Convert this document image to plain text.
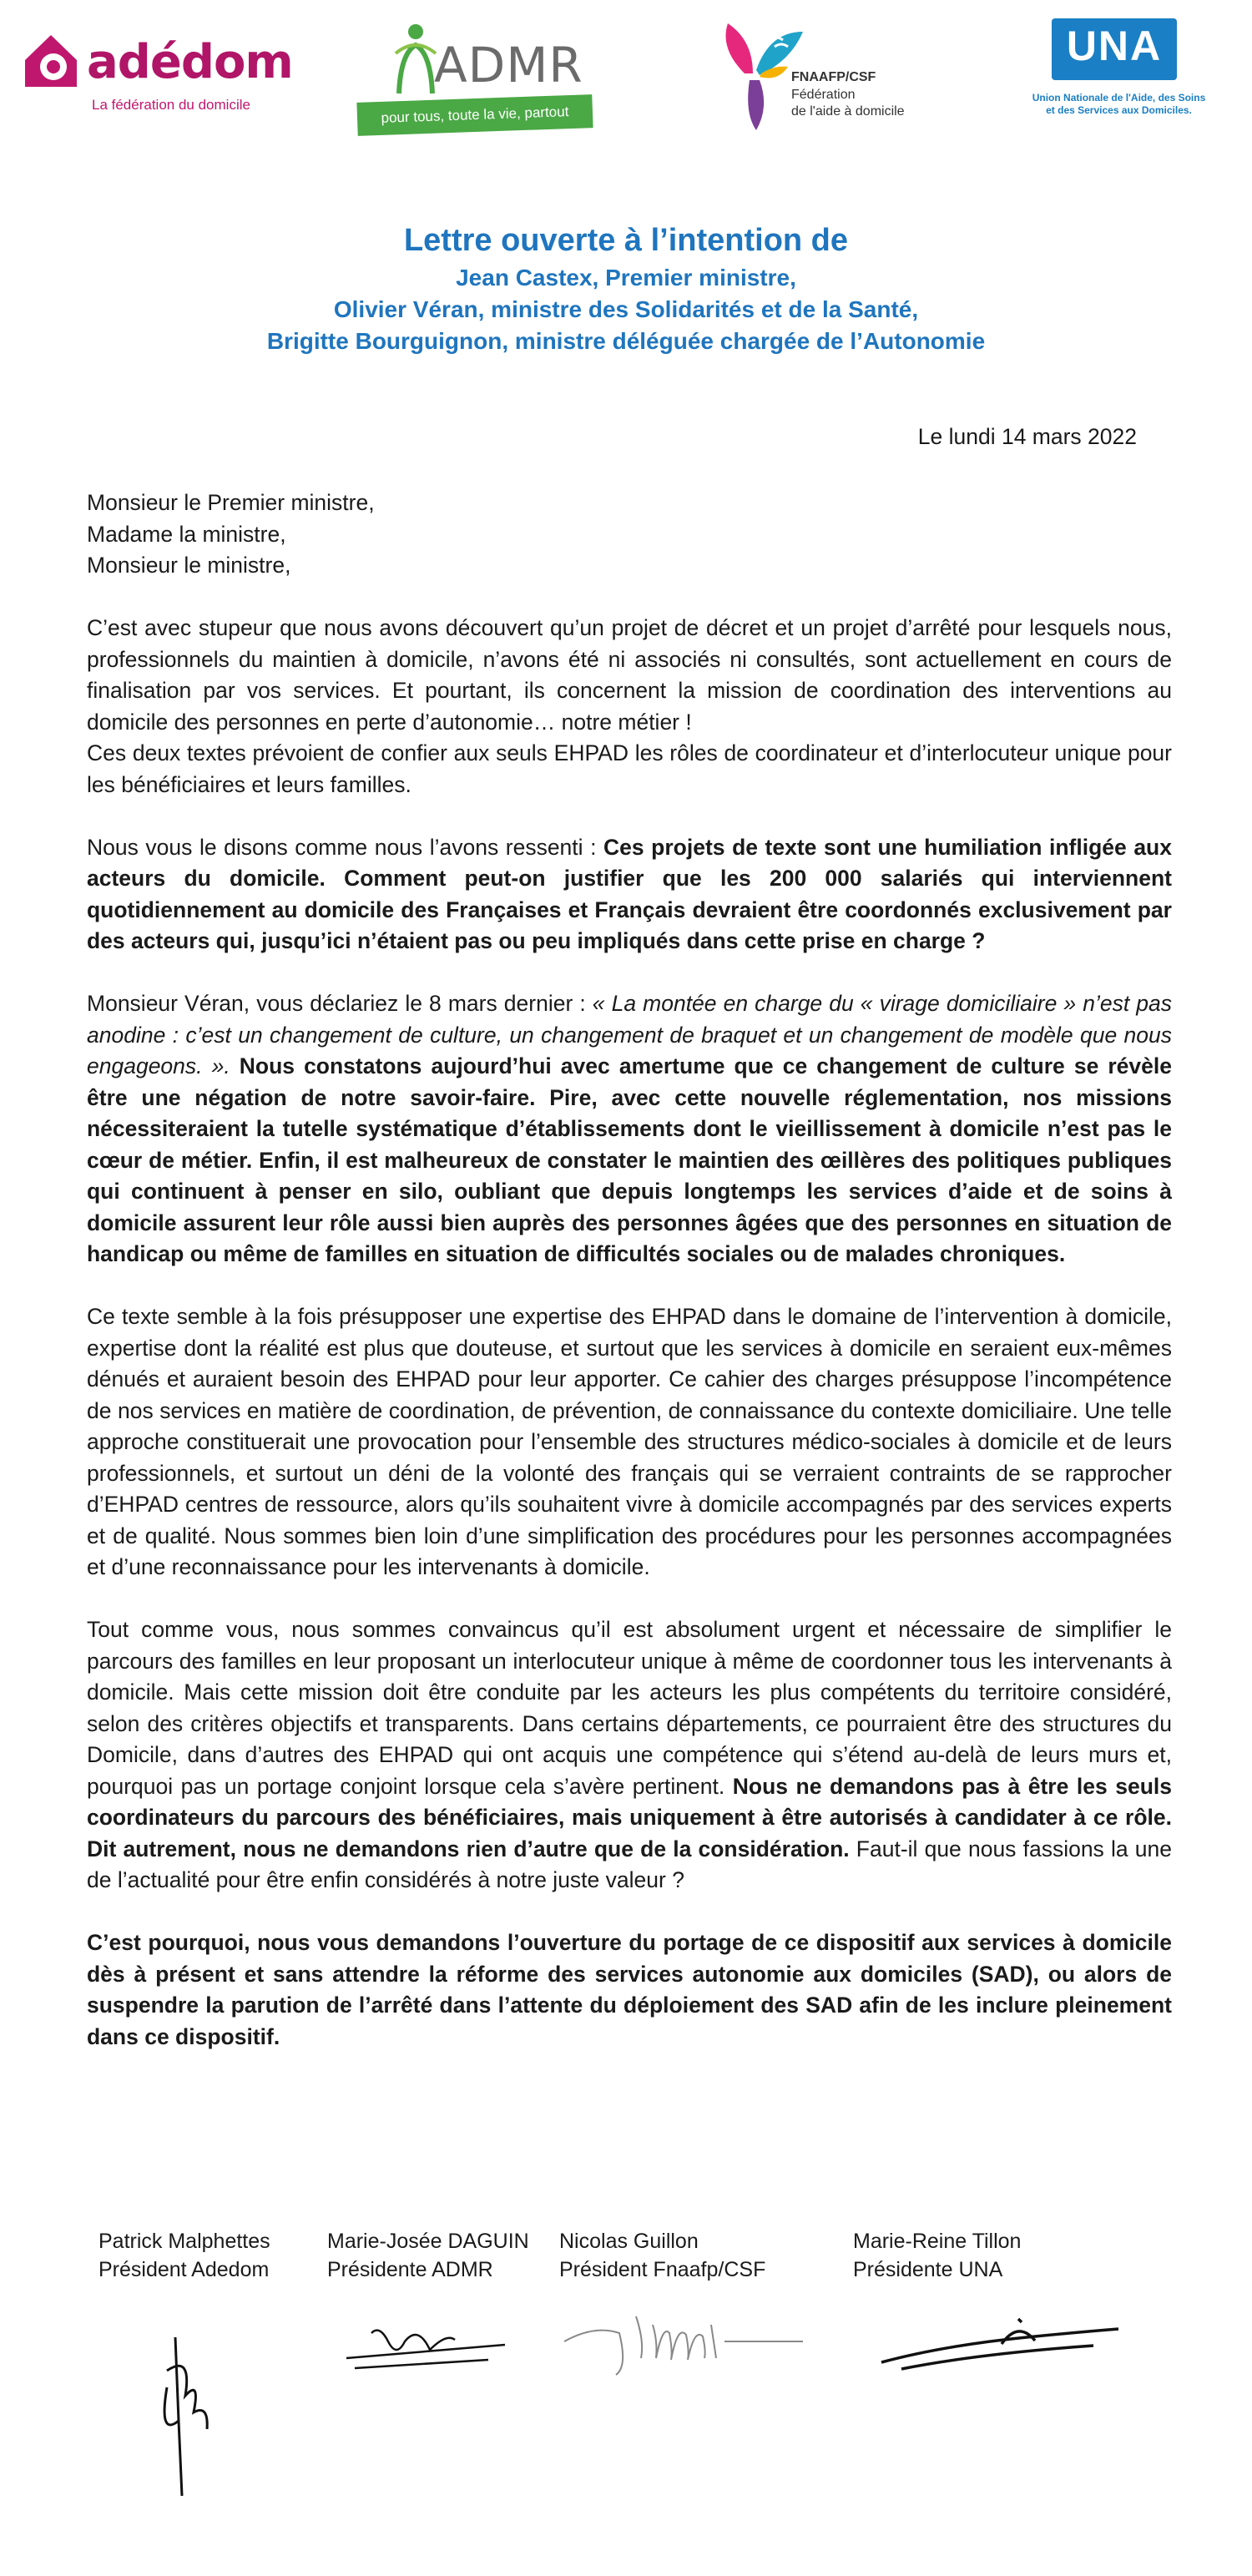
adédom
La fédération du domicile
ADMR
pour tous, toute la vie, partout
FNAAFP/CSF
Fédération
de l'aide à domicile
UNA
Union Nationale de l'Aide, des Soins
et des Services aux Domiciles.
Lettre ouverte à l’intention de
Jean Castex, Premier ministre,
Olivier Véran, ministre des Solidarités et de la Santé,
Brigitte Bourguignon, ministre déléguée chargée de l’Autonomie
Le lundi 14 mars 2022

Monsieur le Premier ministre,

Madame la ministre,

Monsieur le ministre,

C’est avec stupeur que nous avons découvert qu’un projet de décret et un projet d’arrêté pour lesquels nous, professionnels du maintien à domicile, n’avons été ni associés ni consultés, sont actuellement en cours de finalisation par vos services. Et pourtant, ils concernent la mission de coordination des interventions au domicile des personnes en perte d’autonomie… notre métier !

Ces deux textes prévoient de confier aux seuls EHPAD les rôles de coordinateur et d’interlocuteur unique pour les bénéficiaires et leurs familles.

Nous vous le disons comme nous l’avons ressenti : Ces projets de texte sont une humiliation infligée aux acteurs du domicile. Comment peut-on justifier que les 200 000 salariés qui interviennent quotidiennement au domicile des Françaises et Français devraient être coordonnés exclusivement par des acteurs qui, jusqu’ici n’étaient pas ou peu impliqués dans cette prise en charge ?

Monsieur Véran, vous déclariez le 8 mars dernier : « La montée en charge du « virage domiciliaire » n’est pas anodine : c’est un changement de culture, un changement de braquet et un changement de modèle que nous engageons. ». Nous constatons aujourd’hui avec amertume que ce changement de culture se révèle être une négation de notre savoir-faire. Pire, avec cette nouvelle réglementation, nos missions nécessiteraient la tutelle systématique d’établissements dont le vieillissement à domicile n’est pas le cœur de métier. Enfin, il est malheureux de constater le maintien des œillères des politiques publiques qui continuent à penser en silo, oubliant que depuis longtemps les services d’aide et de soins à domicile assurent leur rôle aussi bien auprès des personnes âgées que des personnes en situation de handicap ou même de familles en situation de difficultés sociales ou de malades chroniques.

Ce texte semble à la fois présupposer une expertise des EHPAD dans le domaine de l’intervention à domicile, expertise dont la réalité est plus que douteuse, et surtout que les services à domicile en seraient eux-mêmes dénués et auraient besoin des EHPAD pour leur apporter. Ce cahier des charges présuppose l’incompétence de nos services en matière de coordination, de prévention, de connaissance du contexte domiciliaire. Une telle approche constituerait une provocation pour l’ensemble des structures médico-sociales à domicile et de leurs professionnels, et surtout un déni de la volonté des français qui se verraient contraints de se rapprocher d’EHPAD centres de ressource, alors qu’ils souhaitent vivre à domicile accompagnés par des services experts et de qualité. Nous sommes bien loin d’une simplification des procédures pour les personnes accompagnées et d’une reconnaissance pour les intervenants à domicile.

Tout comme vous, nous sommes convaincus qu’il est absolument urgent et nécessaire de simplifier le parcours des familles en leur proposant un interlocuteur unique à même de coordonner tous les intervenants à domicile. Mais cette mission doit être conduite par les acteurs les plus compétents du territoire considéré, selon des critères objectifs et transparents. Dans certains départements, ce pourraient être des structures du Domicile, dans d’autres des EHPAD qui ont acquis une compétence qui s’étend au-delà de leurs murs et, pourquoi pas un portage conjoint lorsque cela s’avère pertinent. Nous ne demandons pas à être les seuls coordinateurs du parcours des bénéficiaires, mais uniquement à être autorisés à candidater à ce rôle. Dit autrement, nous ne demandons rien d’autre que de la considération. Faut-il que nous fassions la une de l’actualité pour être enfin considérés à notre juste valeur ?

C’est pourquoi, nous vous demandons l’ouverture du portage de ce dispositif aux services à domicile dès à présent et sans attendre la réforme des services autonomie aux domiciles (SAD), ou alors de suspendre la parution de l’arrêté dans l’attente du déploiement des SAD afin de les inclure pleinement dans ce dispositif.

Patrick Malphettes
Président Adedom
Marie-Josée DAGUIN
Présidente ADMR
Nicolas Guillon
Président Fnaafp/CSF
Marie-Reine Tillon
Présidente UNA
